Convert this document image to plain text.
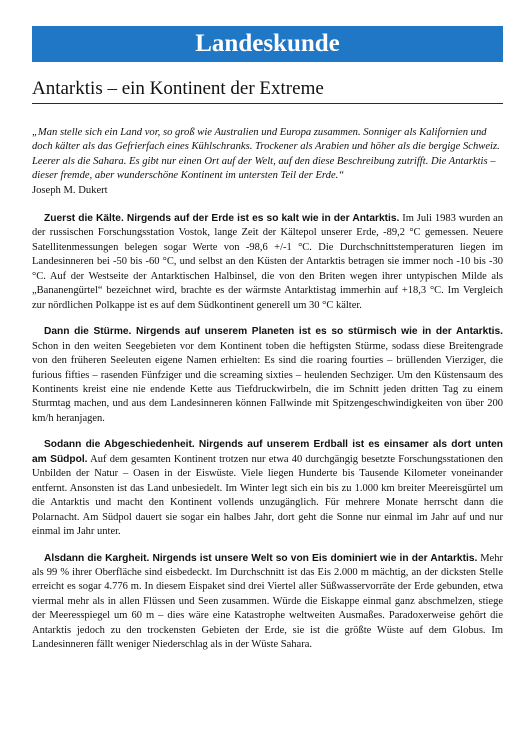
Landeskunde
Antarktis – ein Kontinent der Extreme

„Man stelle sich ein Land vor, so groß wie Australien und Europa zusammen. Sonniger als Kalifornien und doch kälter als das Gefrierfach eines Kühlschranks. Trockener als Arabien und höher als die bergige Schweiz. Leerer als die Sahara. Es gibt nur einen Ort auf der Welt, auf den diese Beschreibung zutrifft. Die Antarktis – dieser fremde, aber wunderschöne Kontinent im untersten Teil der Erde.“

Joseph M. Dukert

Zuerst die Kälte. Nirgends auf der Erde ist es so kalt wie in der Antarktis. Im Juli 1983 wurden an der russischen Forschungsstation Vostok, lange Zeit der Kältepol unserer Erde, -89,2 °C gemessen. Neuere Satellitenmessungen belegen sogar Werte von -98,6 +/-1 °C. Die Durchschnittstemperaturen liegen im Landesinneren bei -50 bis -60 °C, und selbst an den Küsten der Antarktis betragen sie immer noch -10 bis -30 °C. Auf der Westseite der Antarktischen Halbinsel, die von den Briten wegen ihrer untypischen Milde als „Bananengürtel“ bezeichnet wird, brachte es der wärmste Antarktistag immerhin auf +18,3 °C. Im Vergleich zur nördlichen Polkappe ist es auf dem Südkontinent generell um 30 °C kälter.

Dann die Stürme. Nirgends auf unserem Planeten ist es so stürmisch wie in der Antarktis. Schon in den weiten Seegebieten vor dem Kontinent toben die heftigsten Stürme, sodass diese Breitengrade von den früheren Seeleuten eigene Namen erhielten: Es sind die roaring fourties – brüllenden Vierziger, die furious fifties – rasenden Fünfziger und die screaming sixties – heulenden Sechziger. Um den Küstensaum des Kontinents kreist eine nie endende Kette aus Tiefdruckwirbeln, die im Schnitt jeden dritten Tag zu einem Sturmtag machen, und aus dem Landesinneren können Fallwinde mit Spitzengeschwindigkeiten von über 200 km/h heranjagen.

Sodann die Abgeschiedenheit. Nirgends auf unserem Erdball ist es einsamer als dort unten am Südpol. Auf dem gesamten Kontinent trotzen nur etwa 40 durchgängig besetzte Forschungsstationen den Unbilden der Natur – Oasen in der Eiswüste. Viele liegen Hunderte bis Tausende Kilometer voneinander entfernt. Ansonsten ist das Land unbesiedelt. Im Winter legt sich ein bis zu 1.000 km breiter Meereisgürtel um die Antarktis und macht den Kontinent vollends unzugänglich. Für mehrere Monate herrscht dann die Polarnacht. Am Südpol dauert sie sogar ein halbes Jahr, dort geht die Sonne nur einmal im Jahr auf und nur einmal im Jahr unter.

Alsdann die Kargheit. Nirgends ist unsere Welt so von Eis dominiert wie in der Antarktis. Mehr als 99 % ihrer Oberfläche sind eisbedeckt. Im Durchschnitt ist das Eis 2.000 m mächtig, an der dicksten Stelle erreicht es sogar 4.776 m. In diesem Eispaket sind drei Viertel aller Süßwasservorräte der Erde gebunden, etwa viermal mehr als in allen Flüssen und Seen zusammen. Würde die Eiskappe einmal ganz abschmelzen, stiege der Meeresspiegel um 60 m – dies wäre eine Katastrophe weltweiten Ausmaßes. Paradoxerweise gehört die Antarktis jedoch zu den trockensten Gebieten der Erde, sie ist die größte Wüste auf dem Globus. Im Landesinneren fällt weniger Niederschlag als in der Wüste Sahara.
